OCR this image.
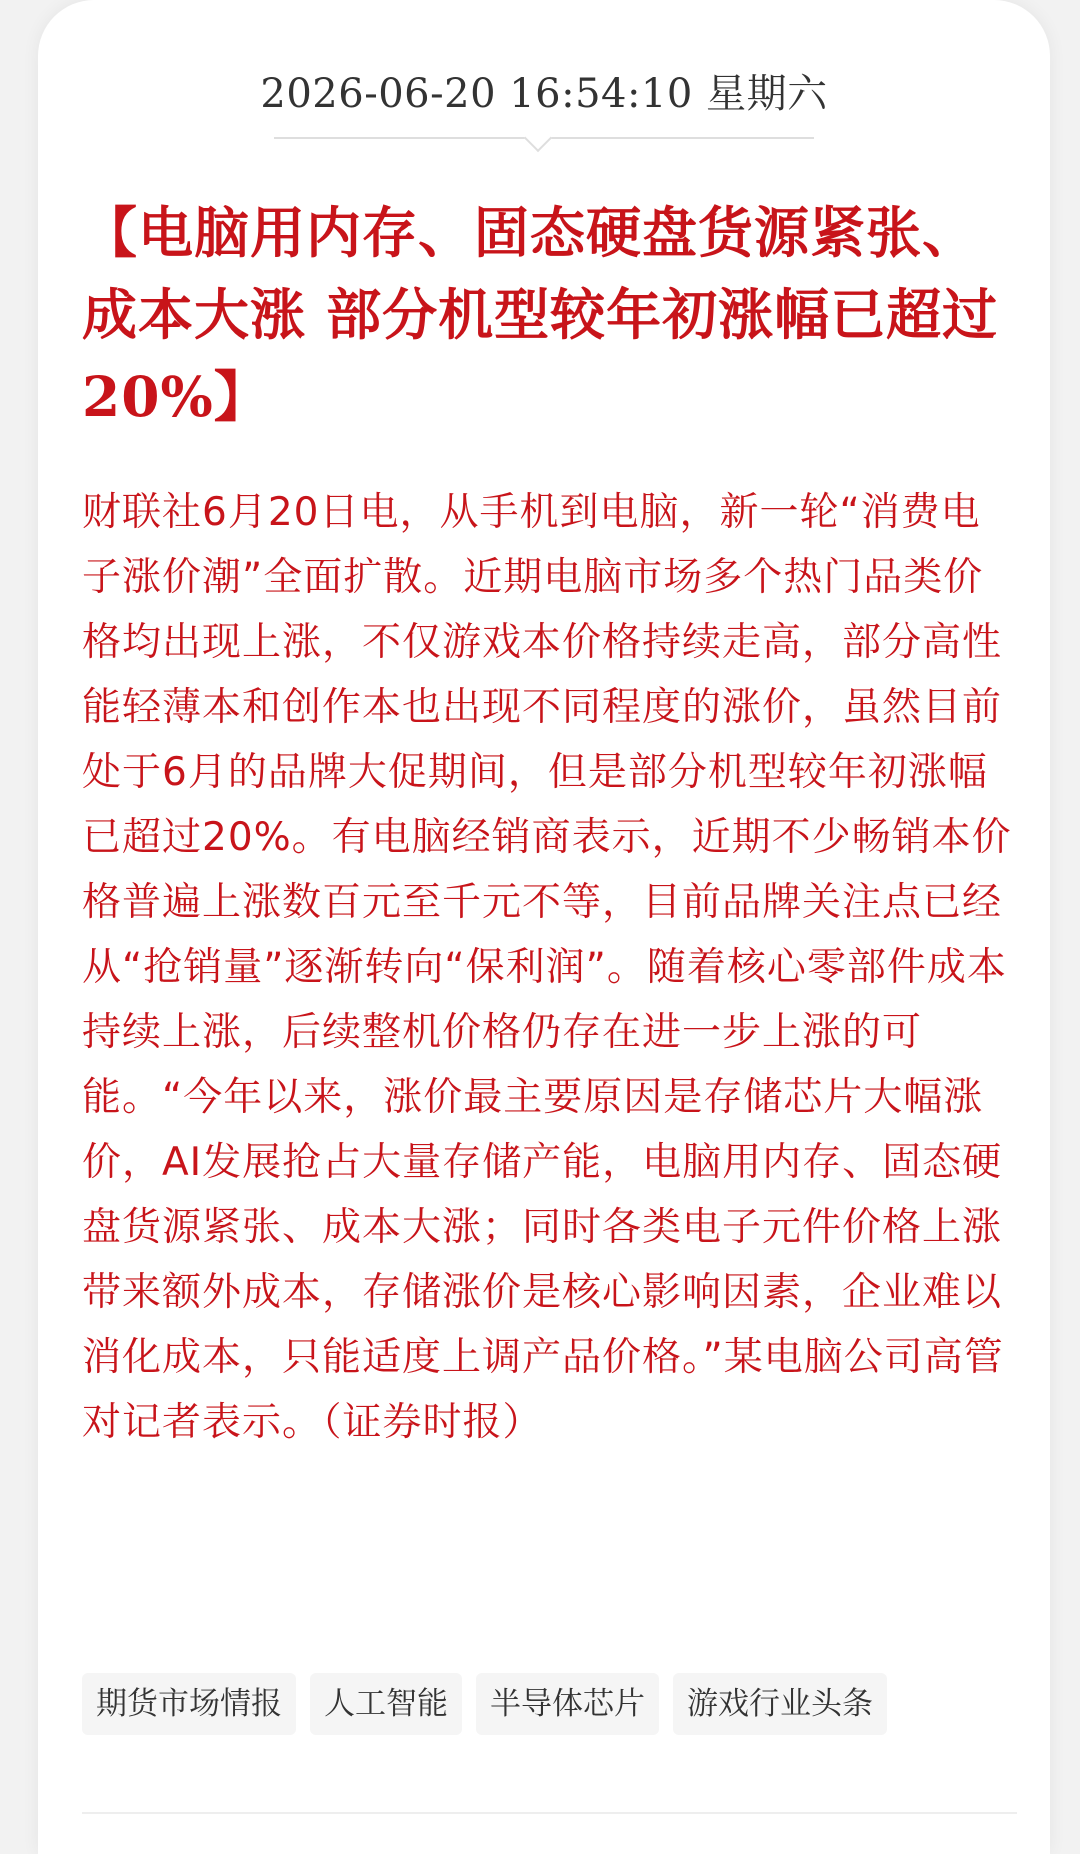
2026-06-20 16:54:10 星期六
【电脑用内存、固态硬盘货源紧张、成本大涨 部分机型较年初涨幅已超过20%】

财联社6月20日电，从手机到电脑，新一轮“消费电子涨价潮”全面扩散。近期电脑市场多个热门品类价格均出现上涨，不仅游戏本价格持续走高，部分高性能轻薄本和创作本也出现不同程度的涨价，虽然目前处于6月的品牌大促期间，但是部分机型较年初涨幅已超过20%。有电脑经销商表示，近期不少畅销本价格普遍上涨数百元至千元不等，目前品牌关注点已经从“抢销量”逐渐转向“保利润”。随着核心零部件成本持续上涨，后续整机价格仍存在进一步上涨的可能。“今年以来，涨价最主要原因是存储芯片大幅涨价，AI发展抢占大量存储产能，电脑用内存、固态硬盘货源紧张、成本大涨；同时各类电子元件价格上涨带来额外成本，存储涨价是核心影响因素，企业难以消化成本，只能适度上调产品价格。”某电脑公司高管对记者表示。（证券时报）

期货市场情报	人工智能	半导体芯片	游戏行业头条
